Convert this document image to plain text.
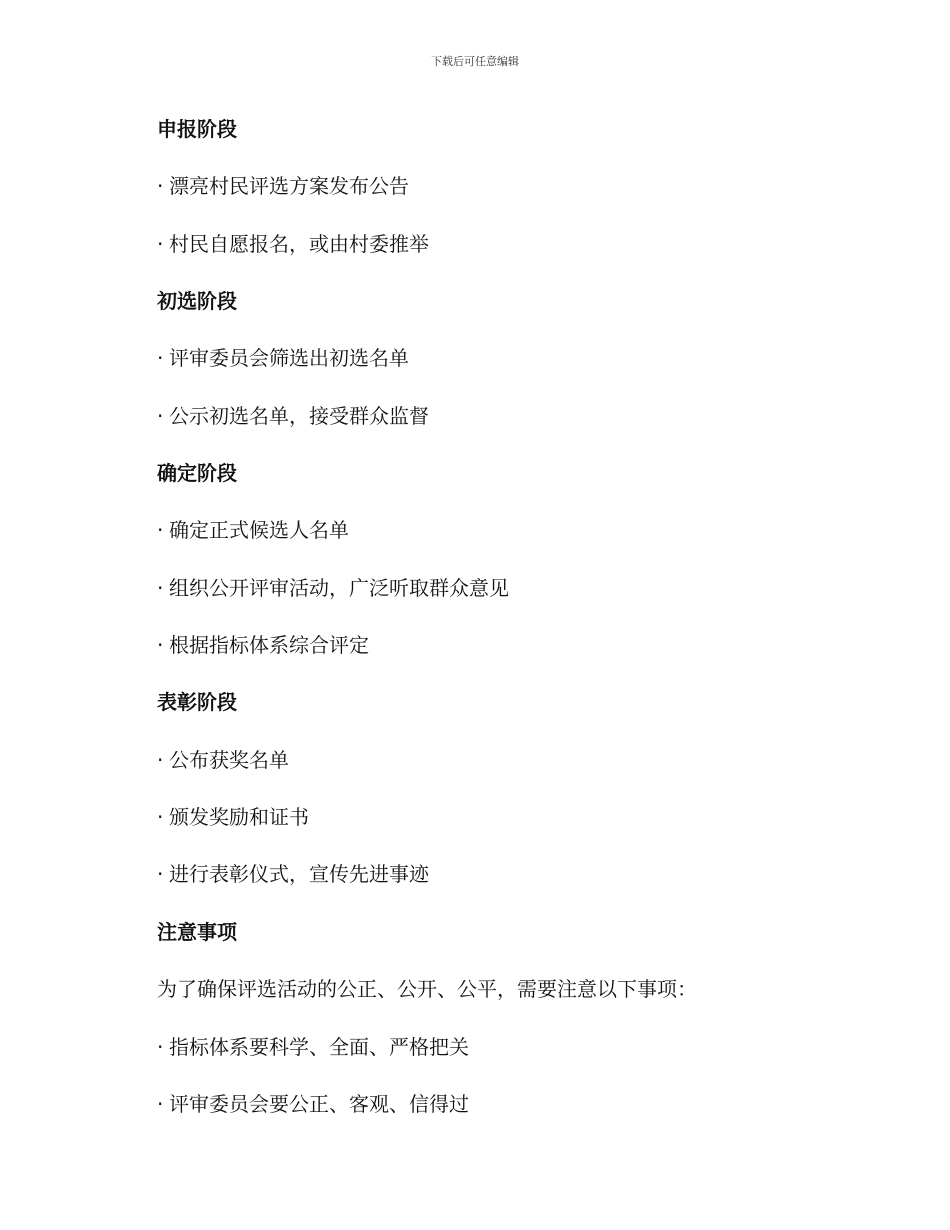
下载后可任意编辑
申报阶段
· 漂亮村民评选方案发布公告
· 村民自愿报名，或由村委推举
初选阶段
· 评审委员会筛选出初选名单
· 公示初选名单，接受群众监督
确定阶段
· 确定正式候选人名单
· 组织公开评审活动，广泛听取群众意见
· 根据指标体系综合评定
表彰阶段
· 公布获奖名单
· 颁发奖励和证书
· 进行表彰仪式，宣传先进事迹
注意事项
为了确保评选活动的公正、公开、公平，需要注意以下事项：
· 指标体系要科学、全面、严格把关
· 评审委员会要公正、客观、信得过
